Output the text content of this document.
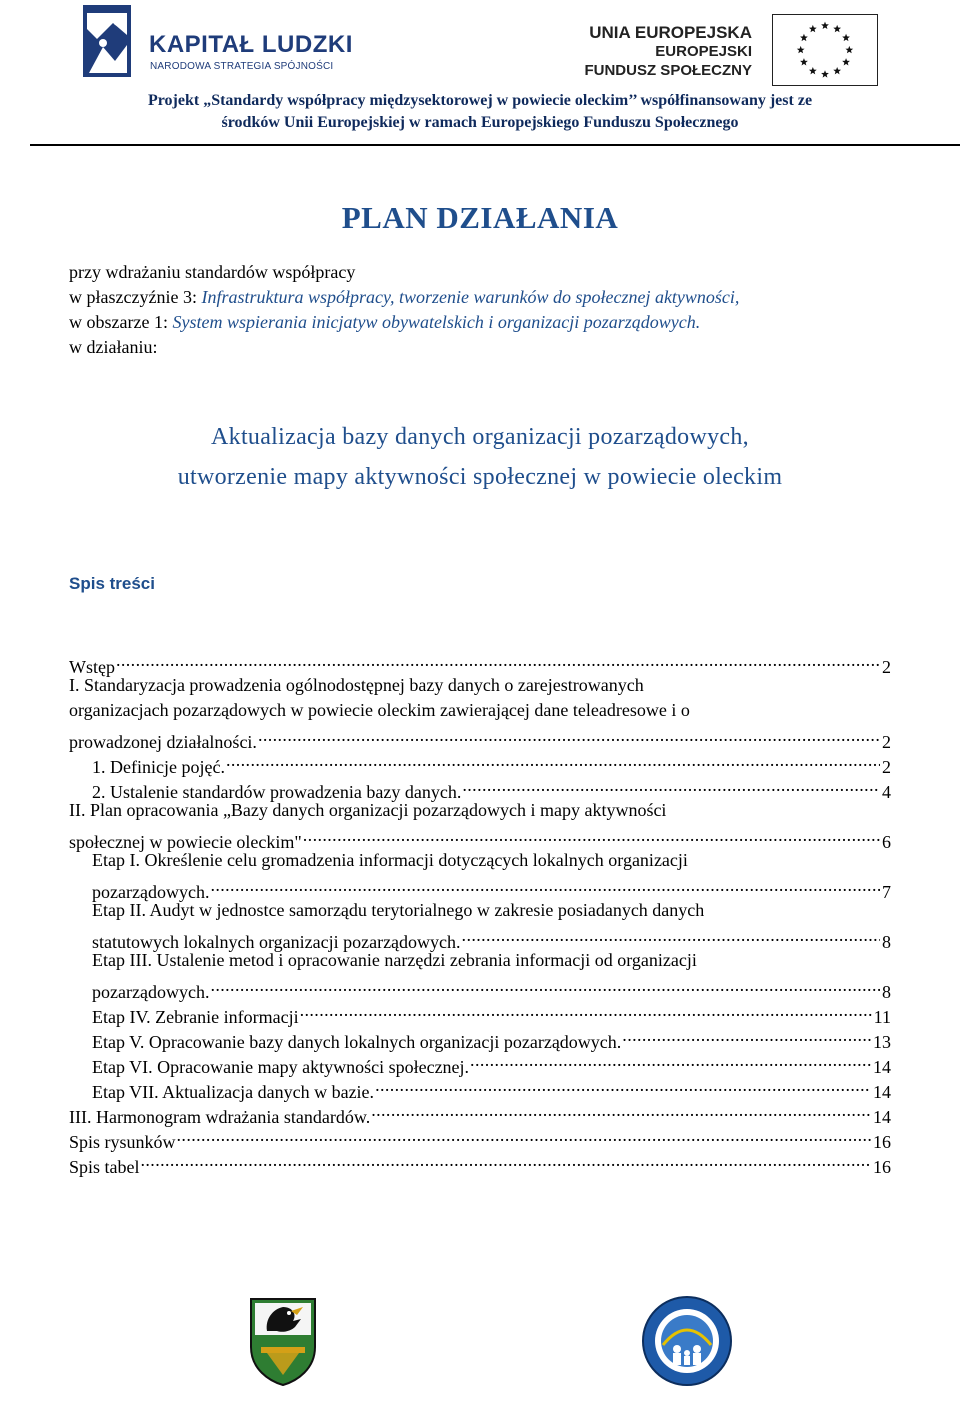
KAPITAŁ LUDZKI
NARODOWA STRATEGIA SPÓJNOŚCI
UNIA EUROPEJSKA
EUROPEJSKI
FUNDUSZ SPOŁECZNY
Projekt „Standardy współpracy międzysektorowej w powiecie oleckim’’ współfinansowany jest ze
środków Unii Europejskiej w ramach Europejskiego Funduszu Społecznego
PLAN DZIAŁANIA
przy wdrażaniu standardów współpracy
w płaszczyźnie 3: Infrastruktura współpracy, tworzenie warunków do społecznej aktywności,
w obszarze 1: System wspierania inicjatyw obywatelskich i organizacji pozarządowych.
w działaniu:
Aktualizacja bazy danych organizacji pozarządowych,
utworzenie mapy aktywności społecznej w powiecie oleckim
Spis treści
Wstęp .....	2
I. Standaryzacja prowadzenia ogólnodostępnej bazy danych o zarejestrowanych
organizacjach pozarządowych w powiecie oleckim zawierającej dane teleadresowe i o
prowadzonej działalności. .....	2
1. Definicje pojęć. .....	2
2. Ustalenie standardów prowadzenia bazy danych. .....	4
II. Plan opracowania „Bazy danych organizacji pozarządowych i mapy aktywności
społecznej w powiecie oleckim" .....	6
Etap I. Określenie celu gromadzenia informacji dotyczących lokalnych organizacji
pozarządowych. .....	7
Etap II. Audyt w jednostce samorządu terytorialnego w zakresie posiadanych danych
statutowych lokalnych organizacji pozarządowych. .....	8
Etap III. Ustalenie metod i opracowanie narzędzi zebrania informacji od organizacji
pozarządowych. .....	8
Etap IV. Zebranie informacji .....	11
Etap V. Opracowanie bazy danych lokalnych organizacji pozarządowych. .....	13
Etap VI. Opracowanie mapy aktywności społecznej. .....	14
Etap VII. Aktualizacja danych w bazie. .....	14
III. Harmonogram wdrażania standardów. .....	14
Spis rysunków .....	16
Spis tabel .....	16
